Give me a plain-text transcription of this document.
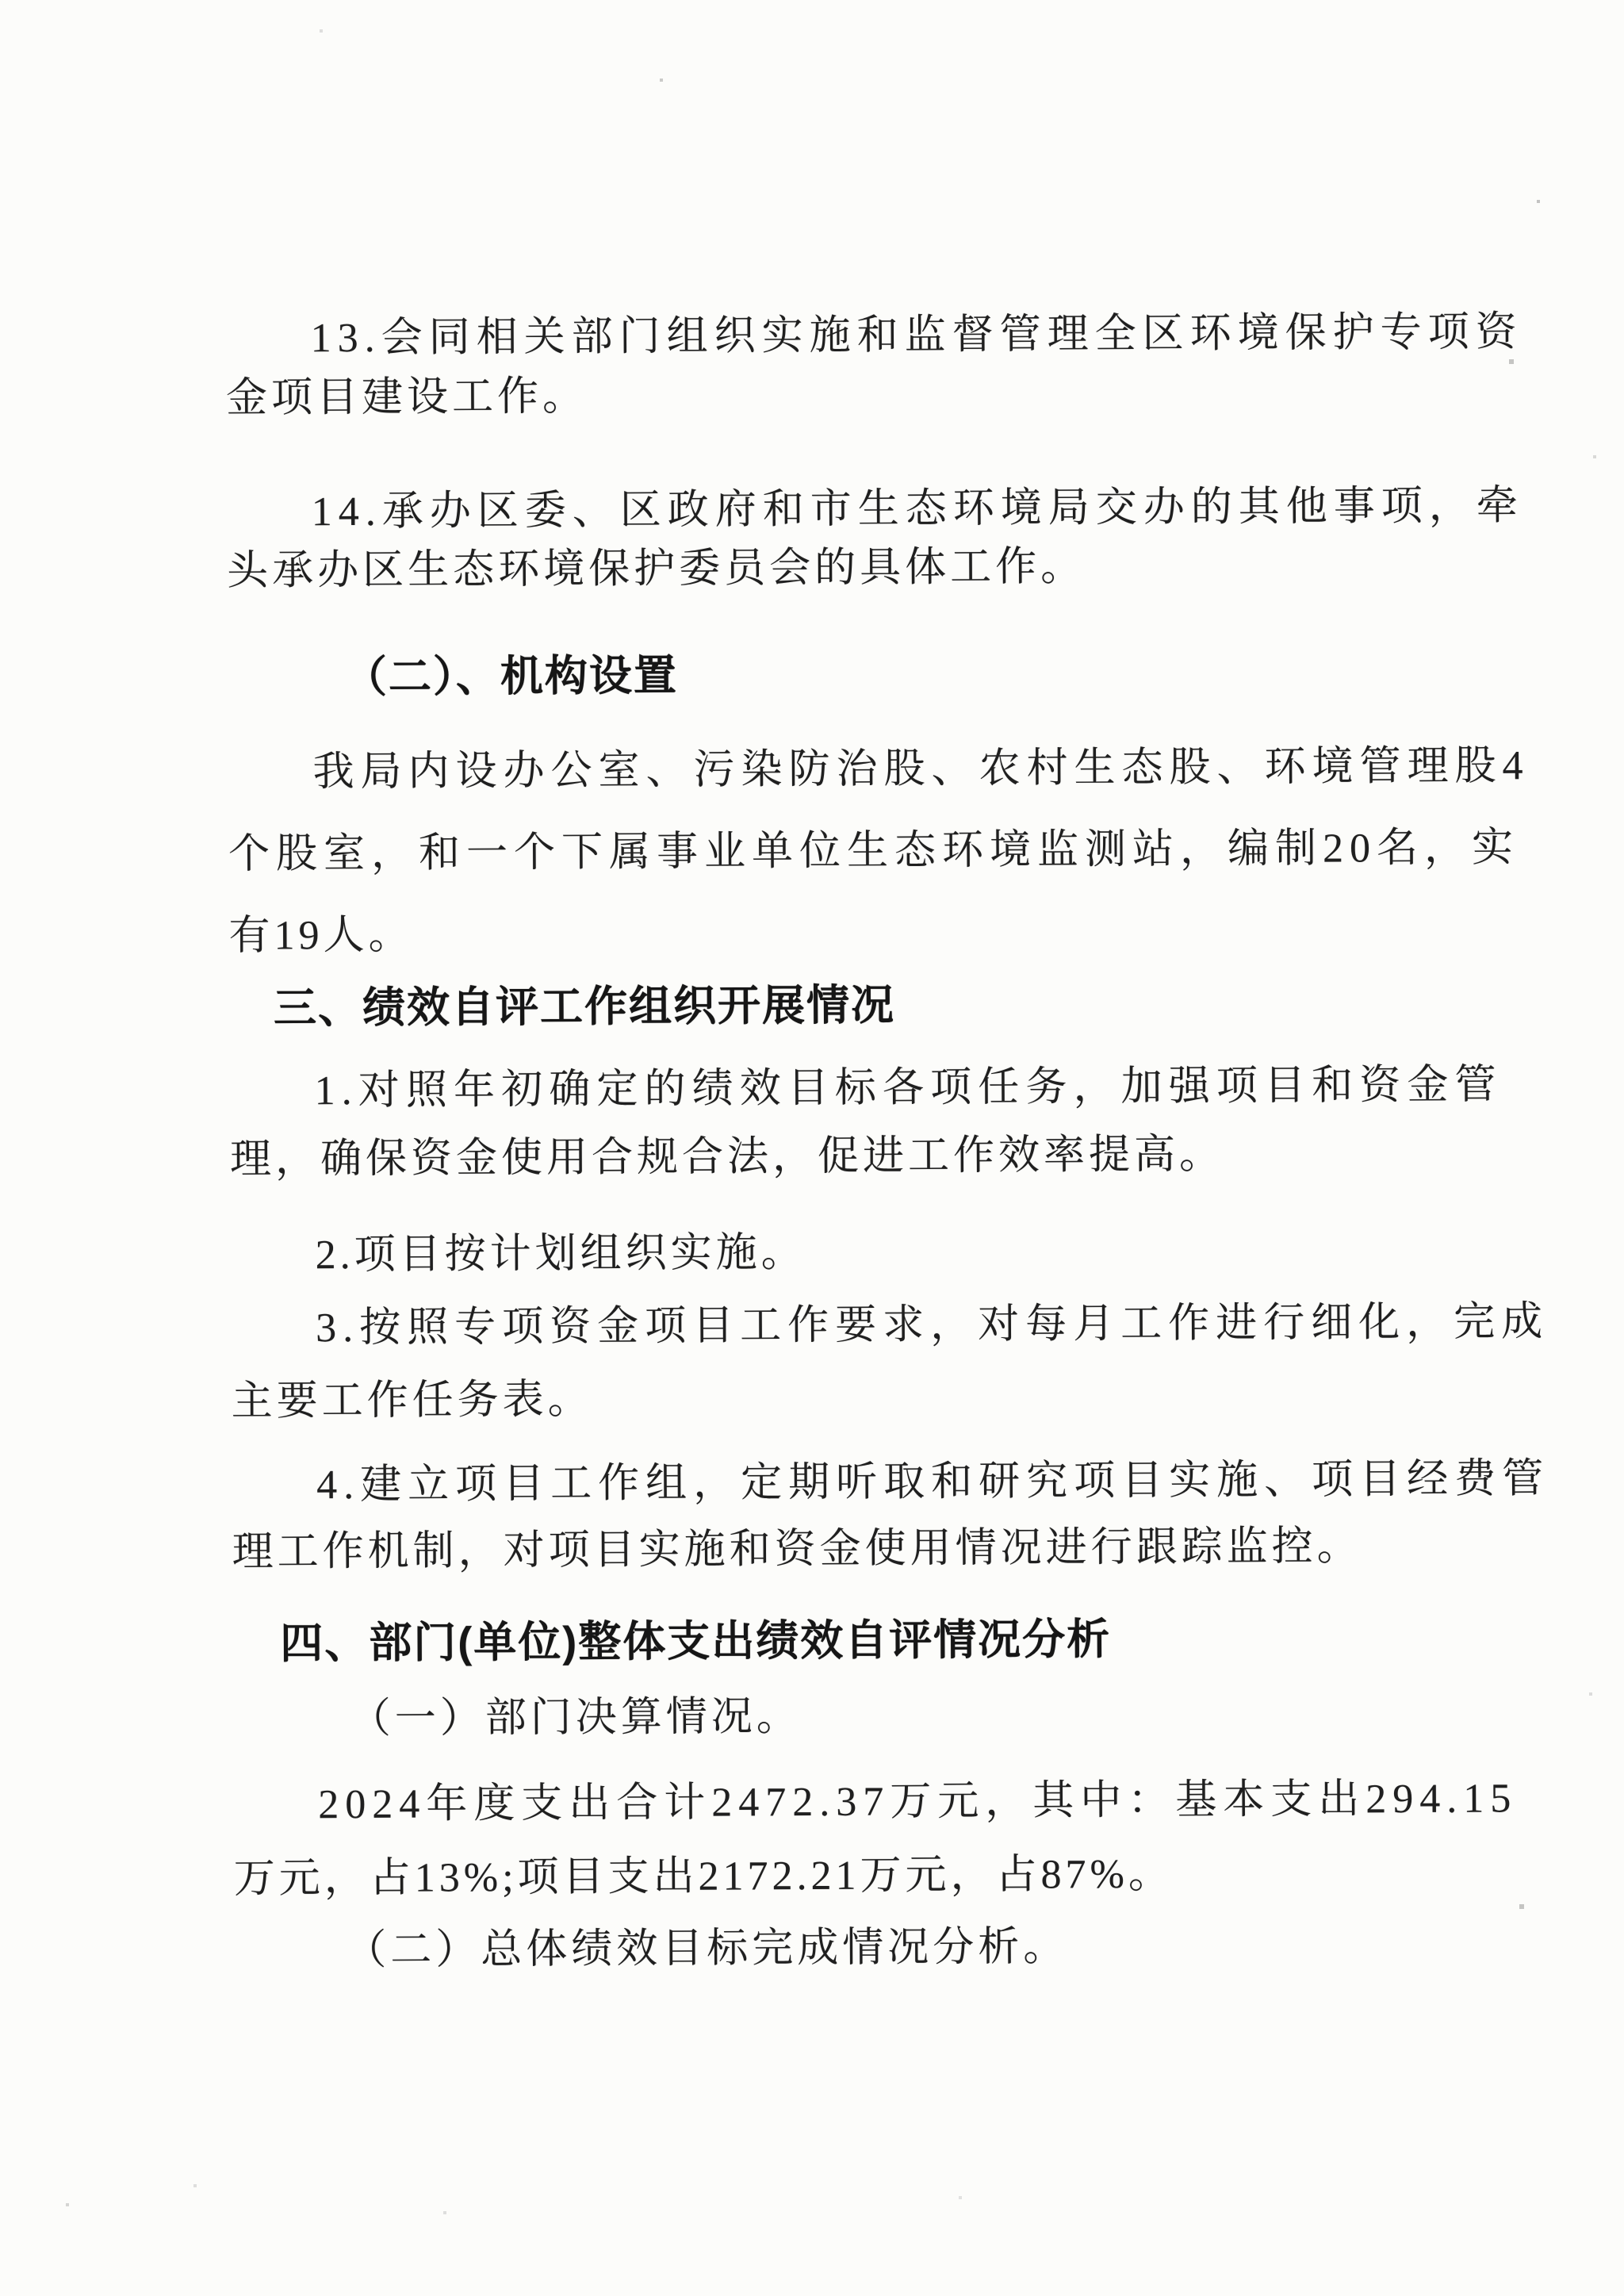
13.会同相关部门组织实施和监督管理全区环境保护专项资
金项目建设工作。
14.承办区委、区政府和市生态环境局交办的其他事项，牵
头承办区生态环境保护委员会的具体工作。
（二）、机构设置
我局内设办公室、污染防治股、农村生态股、环境管理股4
个股室，和一个下属事业单位生态环境监测站，编制20名，实
有19人。
三、绩效自评工作组织开展情况
1.对照年初确定的绩效目标各项任务，加强项目和资金管
理，确保资金使用合规合法，促进工作效率提高。
2.项目按计划组织实施。
3.按照专项资金项目工作要求，对每月工作进行细化，完成
主要工作任务表。
4.建立项目工作组，定期听取和研究项目实施、项目经费管
理工作机制，对项目实施和资金使用情况进行跟踪监控。
四、部门(单位)整体支出绩效自评情况分析
（一）部门决算情况。
2024年度支出合计2472.37万元，其中：基本支出294.15
万元，占13%;项目支出2172.21万元，占87%。
（二）总体绩效目标完成情况分析。
